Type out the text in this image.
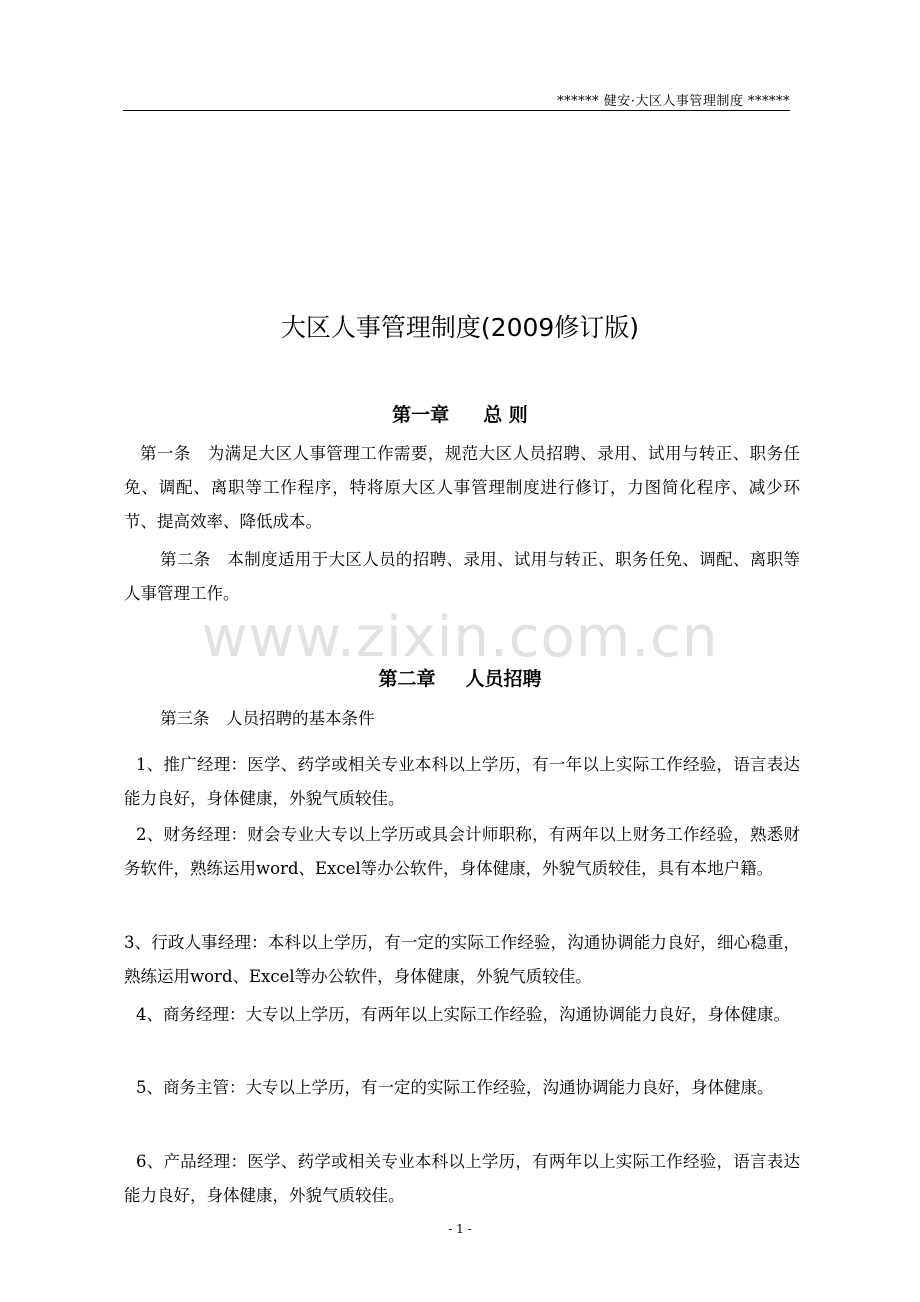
****** 健安·大区人事管理制度 ******
大区人事管理制度(2009修订版)
第一章 总 则

第一条　为满足大区人事管理工作需要，规范大区人员招聘、录用、试用与转正、职务任免、调配、离职等工作程序，特将原大区人事管理制度进行修订，力图简化程序、减少环节、提高效率、降低成本。

第二条　本制度适用于大区人员的招聘、录用、试用与转正、职务任免、调配、离职等人事管理工作。

www.zixin.com.cn
第二章 人员招聘

第三条　人员招聘的基本条件

1、推广经理：医学、药学或相关专业本科以上学历，有一年以上实际工作经验，语言表达能力良好，身体健康，外貌气质较佳。

2、财务经理：财会专业大专以上学历或具会计师职称，有两年以上财务工作经验，熟悉财务软件，熟练运用word、Excel等办公软件，身体健康，外貌气质较佳，具有本地户籍。

3、行政人事经理：本科以上学历，有一定的实际工作经验，沟通协调能力良好，细心稳重，熟练运用word、Excel等办公软件，身体健康，外貌气质较佳。

4、商务经理：大专以上学历，有两年以上实际工作经验，沟通协调能力良好，身体健康。

5、商务主管：大专以上学历，有一定的实际工作经验，沟通协调能力良好，身体健康。

6、产品经理：医学、药学或相关专业本科以上学历，有两年以上实际工作经验，语言表达能力良好，身体健康，外貌气质较佳。

- 1 -
